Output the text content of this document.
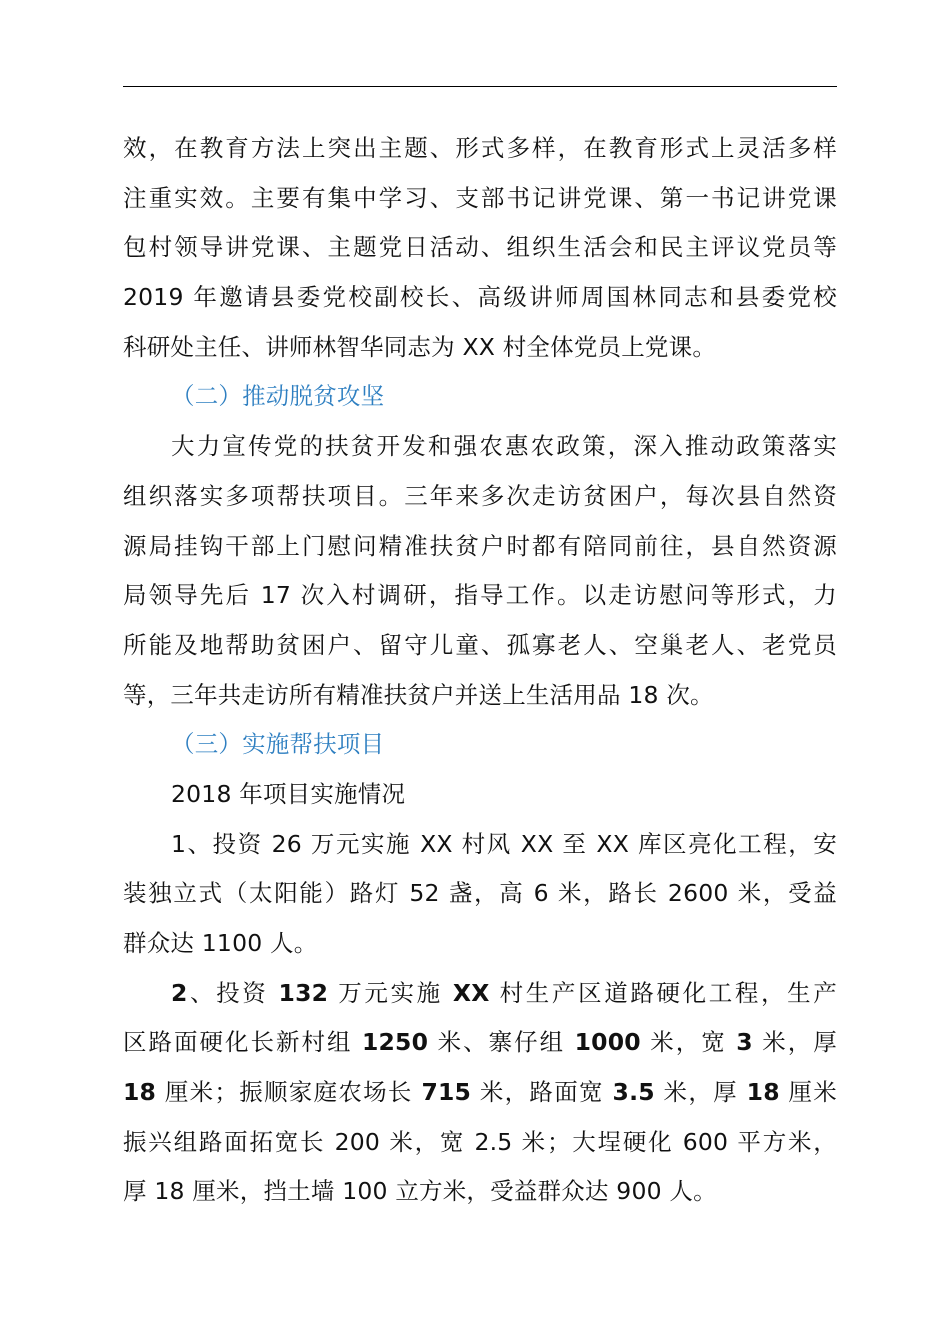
效，在教育方法上突出主题、形式多样，在教育形式上灵活多样
注重实效。主要有集中学习、支部书记讲党课、第一书记讲党课
包村领导讲党课、主题党日活动、组织生活会和民主评议党员等
2019 年邀请县委党校副校长、高级讲师周国林同志和县委党校
科研处主任、讲师林智华同志为 XX 村全体党员上党课。
（二）推动脱贫攻坚
大力宣传党的扶贫开发和强农惠农政策，深入推动政策落实
组织落实多项帮扶项目。三年来多次走访贫困户，每次县自然资
源局挂钩干部上门慰问精准扶贫户时都有陪同前往，县自然资源
局领导先后 17 次入村调研，指导工作。以走访慰问等形式，力
所能及地帮助贫困户、留守儿童、孤寡老人、空巢老人、老党员
等，三年共走访所有精准扶贫户并送上生活用品 18 次。
（三）实施帮扶项目
2018 年项目实施情况
1、投资 26 万元实施 XX 村风 XX 至 XX 库区亮化工程，安
装独立式（太阳能）路灯 52 盏，高 6 米，路长 2600 米，受益
群众达 1100 人。
2、投资 132 万元实施 XX 村生产区道路硬化工程，生产
区路面硬化长新村组 1250 米、寨仔组 1000 米，宽 3 米，厚
18 厘米；振顺家庭农场长 715 米，路面宽 3.5 米，厚 18 厘米
振兴组路面拓宽长 200 米，宽 2.5 米；大埕硬化 600 平方米，
厚 18 厘米，挡土墙 100 立方米，受益群众达 900 人。
